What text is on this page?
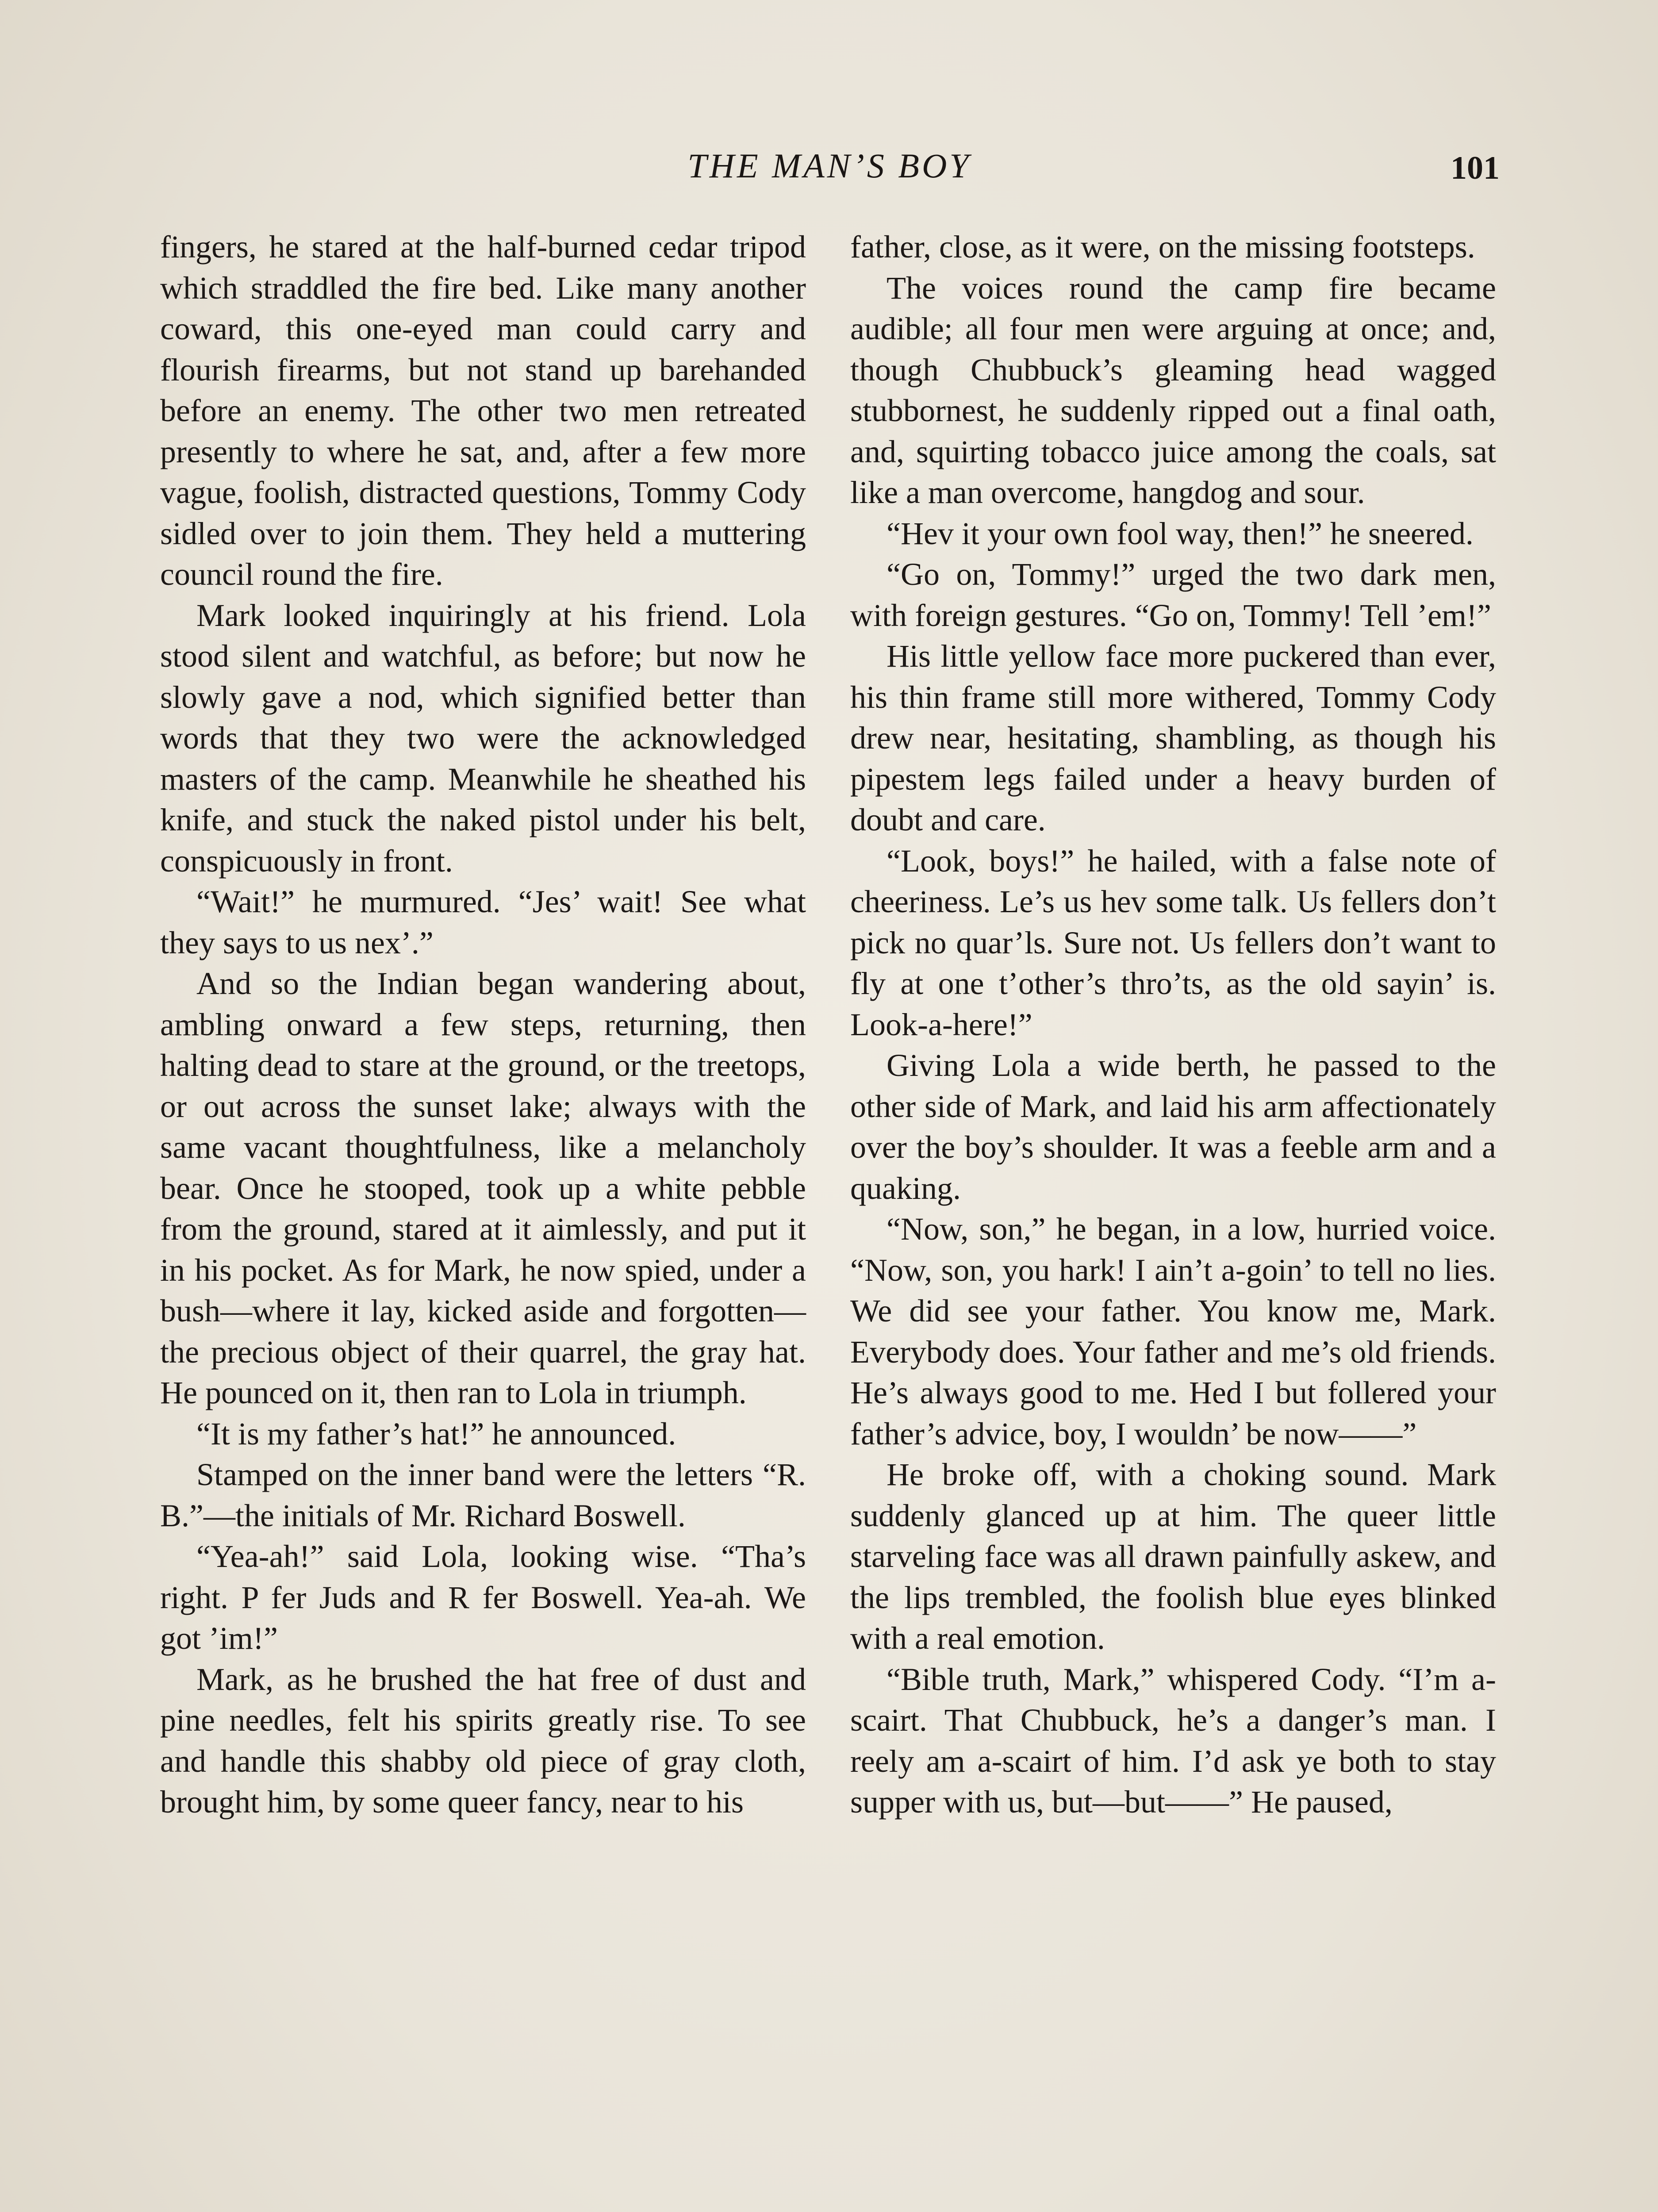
THE MAN’S BOY	101

fingers, he stared at the half-burned cedar tripod which straddled the fire bed. Like many another coward, this one-eyed man could carry and flourish firearms, but not stand up barehanded before an enemy. The other two men retreated presently to where he sat, and, after a few more vague, foolish, distracted questions, Tommy Cody sidled over to join them. They held a muttering council round the fire.

Mark looked inquiringly at his friend. Lola stood silent and watchful, as before; but now he slowly gave a nod, which signified better than words that they two were the acknowledged masters of the camp. Meanwhile he sheathed his knife, and stuck the naked pistol under his belt, conspicuously in front.

“Wait!” he murmured. “Jes’ wait! See what they says to us nex’.”

And so the Indian began wandering about, ambling onward a few steps, returning, then halting dead to stare at the ground, or the treetops, or out across the sunset lake; always with the same vacant thoughtfulness, like a melancholy bear. Once he stooped, took up a white pebble from the ground, stared at it aimlessly, and put it in his pocket. As for Mark, he now spied, under a bush—where it lay, kicked aside and forgotten—the precious object of their quarrel, the gray hat. He pounced on it, then ran to Lola in triumph.

“It is my father’s hat!” he announced.

Stamped on the inner band were the letters “R. B.”—the initials of Mr. Richard Boswell.

“Yea-ah!” said Lola, looking wise. “Tha’s right. P fer Juds and R fer Boswell. Yea-ah. We got ’im!”

Mark, as he brushed the hat free of dust and pine needles, felt his spirits greatly rise. To see and handle this shabby old piece of gray cloth, brought him, by some queer fancy, near to his

father, close, as it were, on the missing footsteps.

The voices round the camp fire became audible; all four men were arguing at once; and, though Chubbuck’s gleaming head wagged stubbornest, he suddenly ripped out a final oath, and, squirting tobacco juice among the coals, sat like a man overcome, hangdog and sour.

“Hev it your own fool way, then!” he sneered.

“Go on, Tommy!” urged the two dark men, with foreign gestures. “Go on, Tommy! Tell ’em!”

His little yellow face more puckered than ever, his thin frame still more withered, Tommy Cody drew near, hesitating, shambling, as though his pipestem legs failed under a heavy burden of doubt and care.

“Look, boys!” he hailed, with a false note of cheeriness. Le’s us hev some talk. Us fellers don’t pick no quar’ls. Sure not. Us fellers don’t want to fly at one t’other’s thro’ts, as the old sayin’ is. Look-a-here!”

Giving Lola a wide berth, he passed to the other side of Mark, and laid his arm affectionately over the boy’s shoulder. It was a feeble arm and a quaking.

“Now, son,” he began, in a low, hurried voice. “Now, son, you hark! I ain’t a-goin’ to tell no lies. We did see your father. You know me, Mark. Everybody does. Your father and me’s old friends. He’s always good to me. Hed I but follered your father’s advice, boy, I wouldn’ be now——”

He broke off, with a choking sound. Mark suddenly glanced up at him. The queer little starveling face was all drawn painfully askew, and the lips trembled, the foolish blue eyes blinked with a real emotion.

“Bible truth, Mark,” whispered Cody. “I’m a-scairt. That Chubbuck, he’s a danger’s man. I reely am a-scairt of him. I’d ask ye both to stay supper with us, but—but——” He paused,
